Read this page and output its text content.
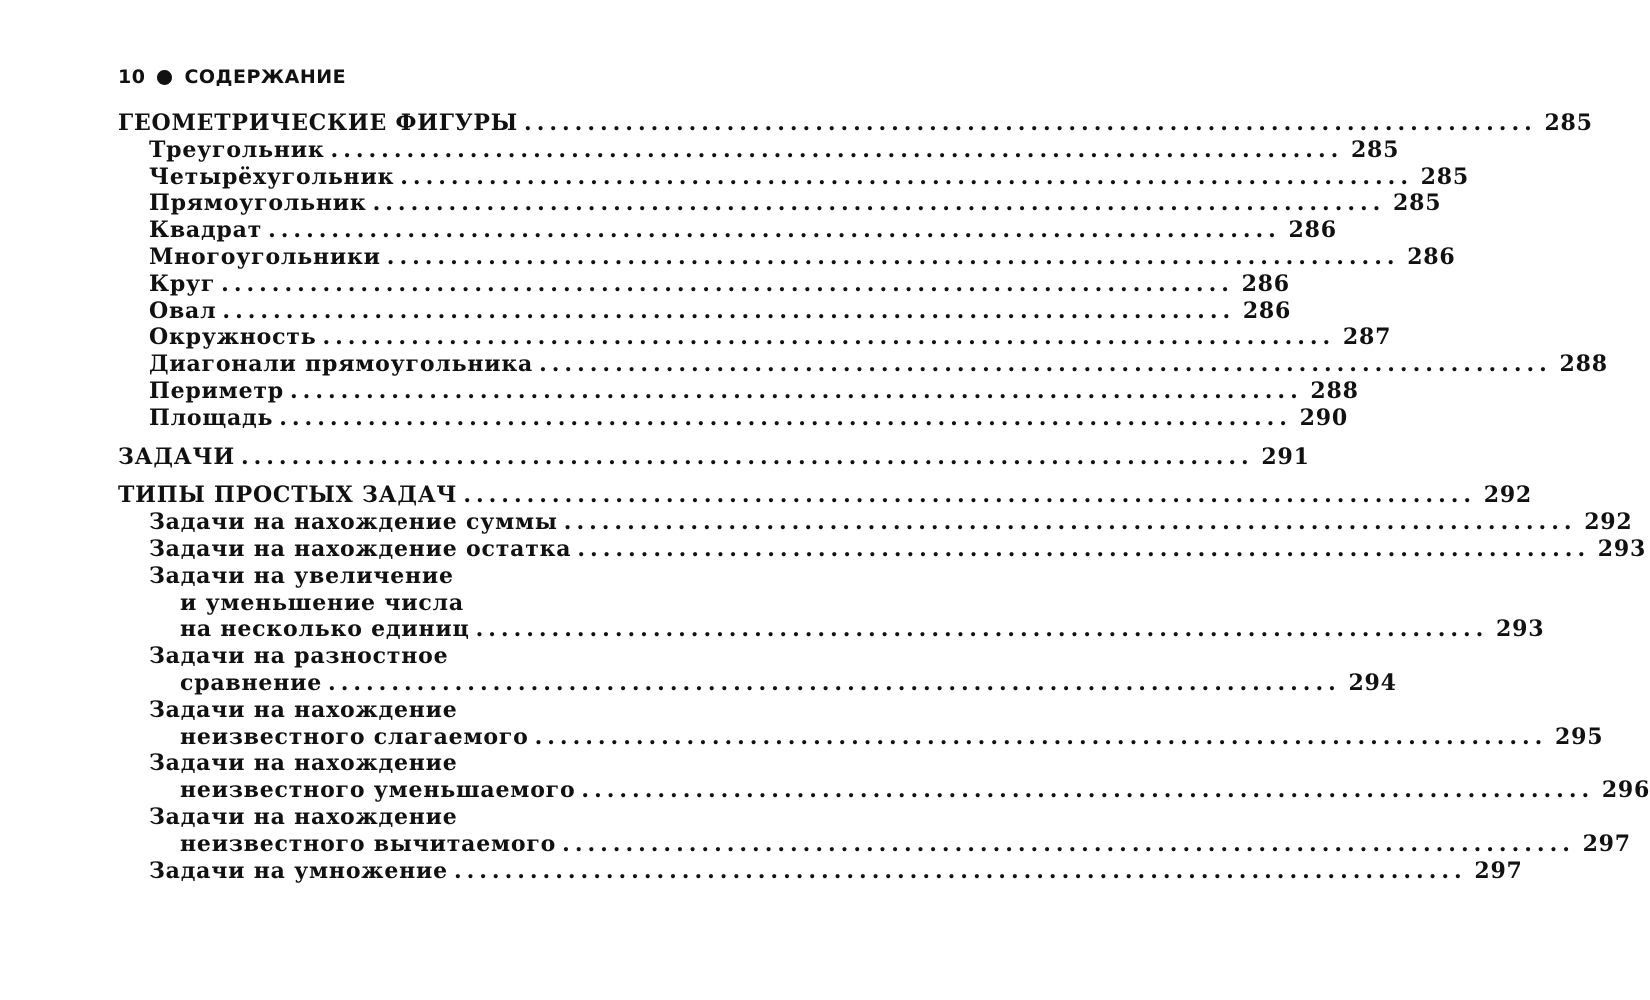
10 СОДЕРЖАНИЕ
ГЕОМЕТРИЧЕСКИЕ ФИГУРЫ ................................................................................ 285
Треугольник ................................................................................ 285
Четырёхугольник ................................................................................ 285
Прямоугольник ................................................................................ 285
Квадрат ................................................................................ 286
Многоугольники ................................................................................ 286
Круг ................................................................................ 286
Овал ................................................................................ 286
Окружность ................................................................................ 287
Диагонали прямоугольника ................................................................................ 288
Периметр ................................................................................ 288
Площадь ................................................................................ 290
ЗАДАЧИ ................................................................................ 291
ТИПЫ ПРОСТЫХ ЗАДАЧ ................................................................................ 292
Задачи на нахождение суммы ................................................................................ 292
Задачи на нахождение остатка ................................................................................ 293
Задачи на увеличение
и уменьшение числа
на несколько единиц ................................................................................ 293
Задачи на разностное
сравнение ................................................................................ 294
Задачи на нахождение
неизвестного слагаемого ................................................................................ 295
Задачи на нахождение
неизвестного уменьшаемого ................................................................................ 296
Задачи на нахождение
неизвестного вычитаемого ................................................................................ 297
Задачи на умножение ................................................................................ 297
